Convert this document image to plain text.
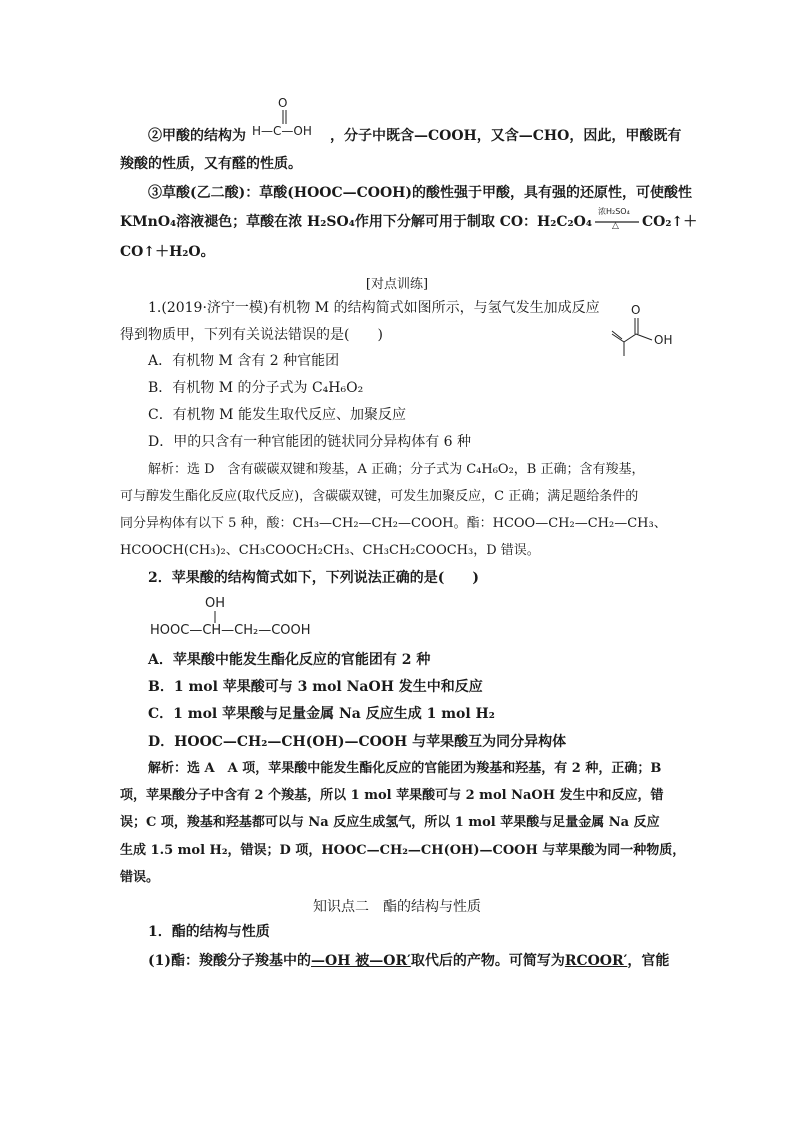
O
H—C—OH
②甲酸的结构为	，分子中既含—COOH，又含—CHO，因此，甲酸既有
羧酸的性质，又有醛的性质。
③草酸(乙二酸)：草酸(HOOC—COOH)的酸性强于甲酸，具有强的还原性，可使酸性
KMnO₄溶液褪色；草酸在浓 H₂SO₄作用下分解可用于制取 CO：H₂C₂O₄
浓H₂SO₄
△ CO₂↑＋
CO↑＋H₂O。
[对点训练]
1.(2019·济宁一模)有机物 M 的结构简式如图所示，与氢气发生加成反应
得到物质甲，下列有关说法错误的是(　　)
O
OH
A．有机物 M 含有 2 种官能团
B．有机物 M 的分子式为 C₄H₆O₂
C．有机物 M 能发生取代反应、加聚反应
D．甲的只含有一种官能团的链状同分异构体有 6 种
解析：选 D　含有碳碳双键和羧基，A 正确；分子式为 C₄H₆O₂，B 正确；含有羧基，
可与醇发生酯化反应(取代反应)，含碳碳双键，可发生加聚反应，C 正确；满足题给条件的
同分异构体有以下 5 种，酸：CH₃—CH₂—CH₂—COOH。酯：HCOO—CH₂—CH₂—CH₃、
HCOOCH(CH₃)₂、CH₃COOCH₂CH₃、CH₃CH₂COOCH₃，D 错误。
2．苹果酸的结构简式如下，下列说法正确的是(　　)
OH
HOOC—CH—CH₂—COOH
A．苹果酸中能发生酯化反应的官能团有 2 种
B．1 mol 苹果酸可与 3 mol NaOH 发生中和反应
C．1 mol 苹果酸与足量金属 Na 反应生成 1 mol H₂
D．HOOC—CH₂—CH(OH)—COOH 与苹果酸互为同分异构体
解析：选 A　A 项，苹果酸中能发生酯化反应的官能团为羧基和羟基，有 2 种，正确；B
项，苹果酸分子中含有 2 个羧基，所以 1 mol 苹果酸可与 2 mol NaOH 发生中和反应，错
误；C 项，羧基和羟基都可以与 Na 反应生成氢气，所以 1 mol 苹果酸与足量金属 Na 反应
生成 1.5 mol H₂，错误；D 项，HOOC—CH₂—CH(OH)—COOH 与苹果酸为同一种物质，
错误。
知识点二　酯的结构与性质
1．酯的结构与性质
(1)酯：羧酸分子羧基中的—OH 被—OR′取代后的产物。可简写为RCOOR′，官能
